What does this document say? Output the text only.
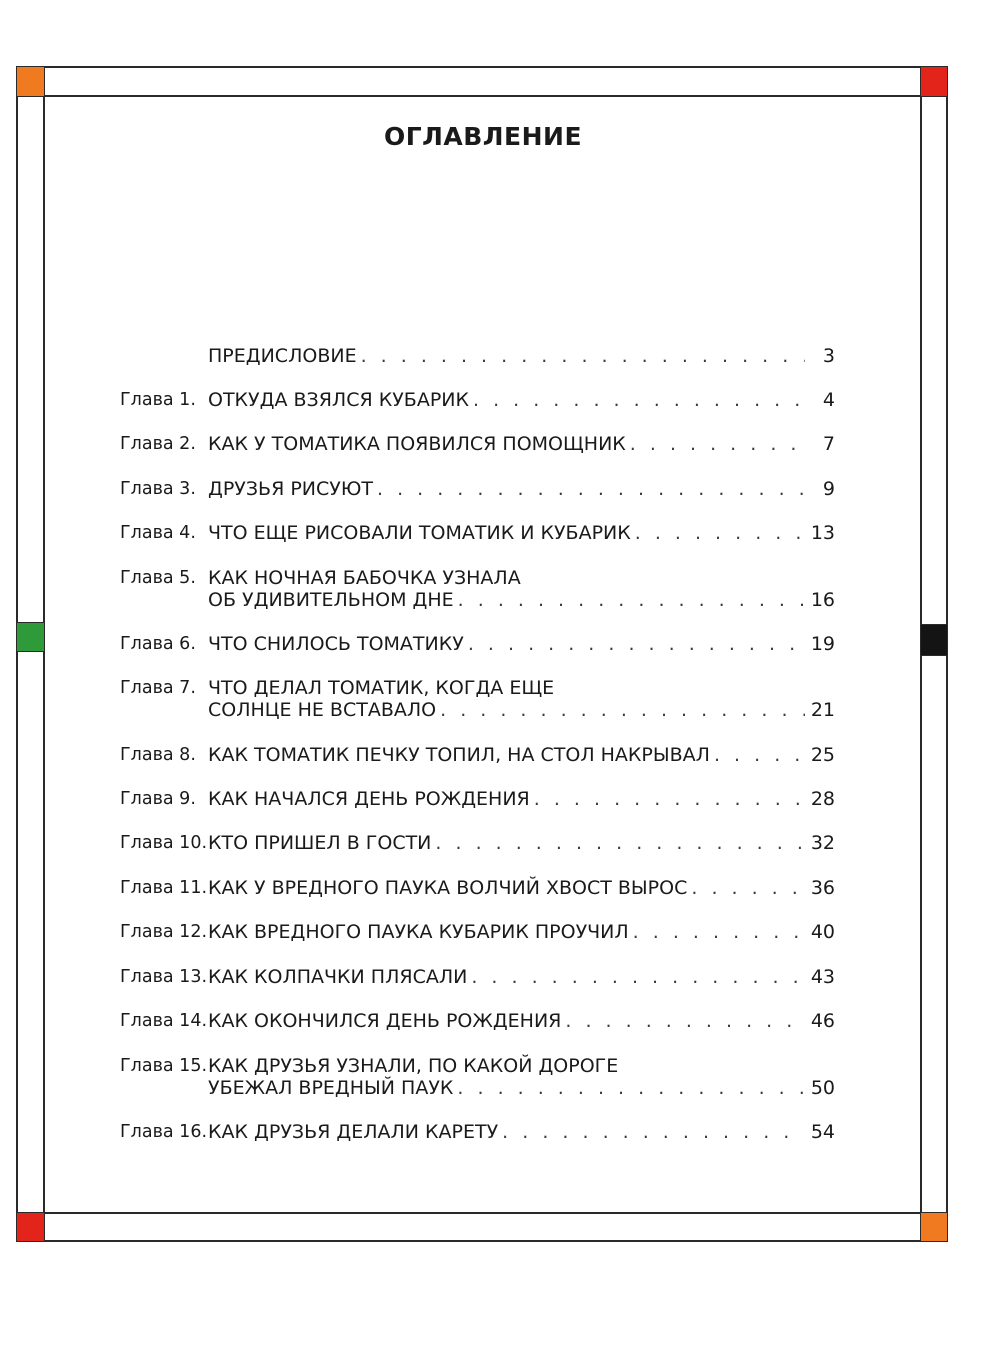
ОГЛАВЛЕНИЕ
ПРЕДИСЛОВИЕ . . .	3
Глава 1. ОТКУДА ВЗЯЛСЯ КУБАРИК . . .	4
Глава 2. КАК У ТОМАТИКА ПОЯВИЛСЯ ПОМОЩНИК . . .	7
Глава 3. ДРУЗЬЯ РИСУЮТ . . .	9
Глава 4. ЧТО ЕЩЕ РИСОВАЛИ ТОМАТИК И КУБАРИК . . .	13
Глава 5. КАК НОЧНАЯ БАБОЧКА УЗНАЛА
ОБ УДИВИТЕЛЬНОМ ДНЕ . . .	16
Глава 6. ЧТО СНИЛОСЬ ТОМАТИКУ . . .	19
Глава 7. ЧТО ДЕЛАЛ ТОМАТИК, КОГДА ЕЩЕ
СОЛНЦЕ НЕ ВСТАВАЛО . . .	21
Глава 8. КАК ТОМАТИК ПЕЧКУ ТОПИЛ, НА СТОЛ НАКРЫВАЛ . . .	25
Глава 9. КАК НАЧАЛСЯ ДЕНЬ РОЖДЕНИЯ . . .	28
Глава 10. КТО ПРИШЕЛ В ГОСТИ . . .	32
Глава 11. КАК У ВРЕДНОГО ПАУКА ВОЛЧИЙ ХВОСТ ВЫРОС . . .	36
Глава 12. КАК ВРЕДНОГО ПАУКА КУБАРИК ПРОУЧИЛ . . .	40
Глава 13. КАК КОЛПАЧКИ ПЛЯСАЛИ . . .	43
Глава 14. КАК ОКОНЧИЛСЯ ДЕНЬ РОЖДЕНИЯ . . .	46
Глава 15. КАК ДРУЗЬЯ УЗНАЛИ, ПО КАКОЙ ДОРОГЕ
УБЕЖАЛ ВРЕДНЫЙ ПАУК . . .	50
Глава 16. КАК ДРУЗЬЯ ДЕЛАЛИ КАРЕТУ . . .	54
